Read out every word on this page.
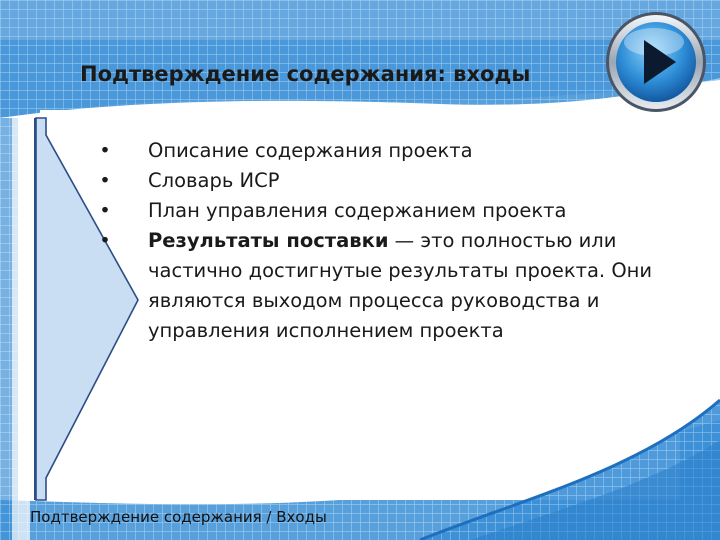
Подтверждение содержания: входы
• Описание содержания проекта
• Словарь ИСР
• План управления содержанием проекта
• Результаты поставки — это полностью или частично достигнутые результаты проекта. Они являются выходом процесса руководства и управления исполнением проекта
Подтверждение содержания / Входы
